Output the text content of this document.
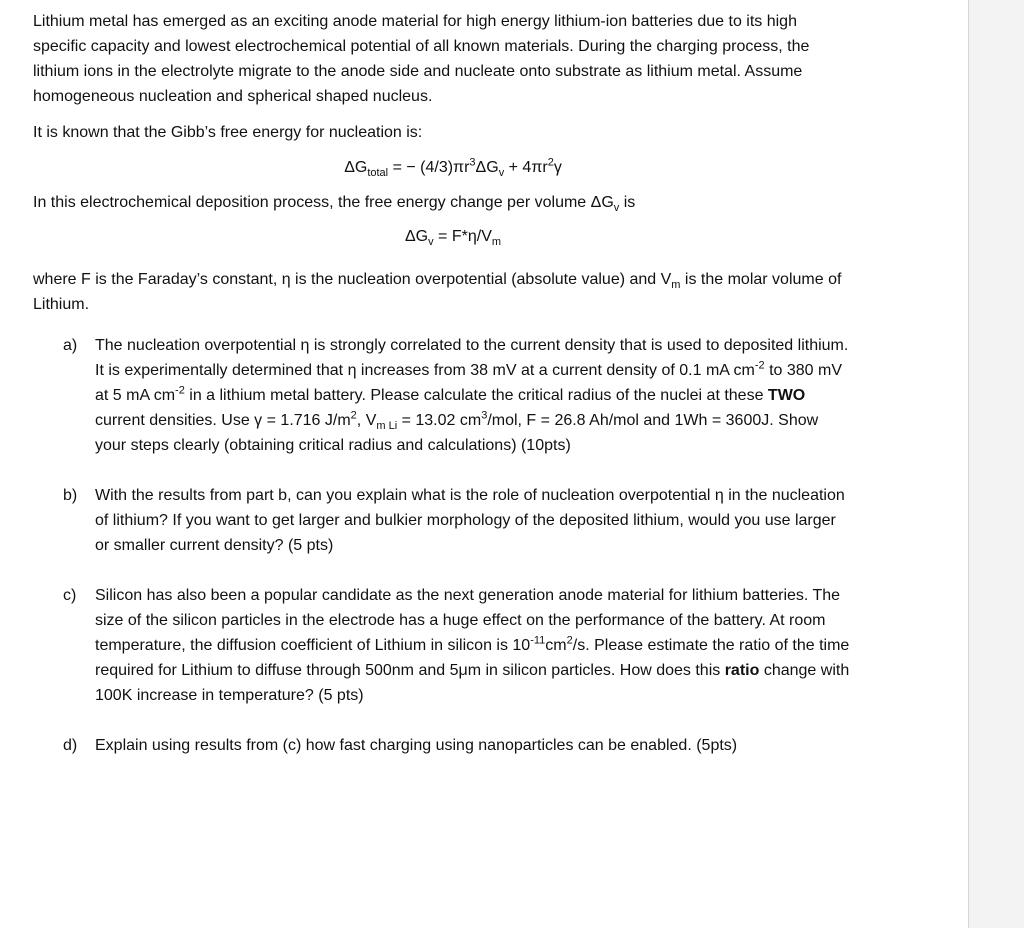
Lithium metal has emerged as an exciting anode material for high energy lithium-ion batteries due to its high specific capacity and lowest electrochemical potential of all known materials. During the charging process, the lithium ions in the electrolyte migrate to the anode side and nucleate onto substrate as lithium metal. Assume homogeneous nucleation and spherical shaped nucleus.

It is known that the Gibb’s free energy for nucleation is:

$\Delta G_{total}$ = − $(4/3)\pi r^3\Delta G_v + 4\pi r^2\gamma$

In this electrochemical deposition process, the free energy change per volume $\Delta G_v$ is

$\Delta G_v = F*\eta/V_m$

where F is the Faraday’s constant, η is the nucleation overpotential (absolute value) and $V_m$ is the molar volume of Lithium.

a) The nucleation overpotential η is strongly correlated to the current density that is used to deposited lithium. It is experimentally determined that η increases from 38 mV at a current density of 0.1 mA $cm^{-2}$ to 380 mV at 5 mA $cm^{-2}$ in a lithium metal battery. Please calculate the critical radius of the nuclei at these TWO current densities. Use γ = 1.716 $J/m^2$, $V_{m Li} = 13.02$ $cm^3$/mol, F = 26.8 Ah/mol and 1Wh = 3600J. Show your steps clearly (obtaining critical radius and calculations) (10pts)

b) With the results from part b, can you explain what is the role of nucleation overpotential η in the nucleation of lithium? If you want to get larger and bulkier morphology of the deposited lithium, would you use larger or smaller current density? (5 pts)

c) Silicon has also been a popular candidate as the next generation anode material for lithium batteries. The size of the silicon particles in the electrode has a huge effect on the performance of the battery. At room temperature, the diffusion coefficient of Lithium in silicon is $10^{-11}cm^2/s$. Please estimate the ratio of the time required for Lithium to diffuse through 500nm and 5μm in silicon particles. How does this ratio change with 100K increase in temperature? (5 pts)

d) Explain using results from (c) how fast charging using nanoparticles can be enabled. (5pts)
